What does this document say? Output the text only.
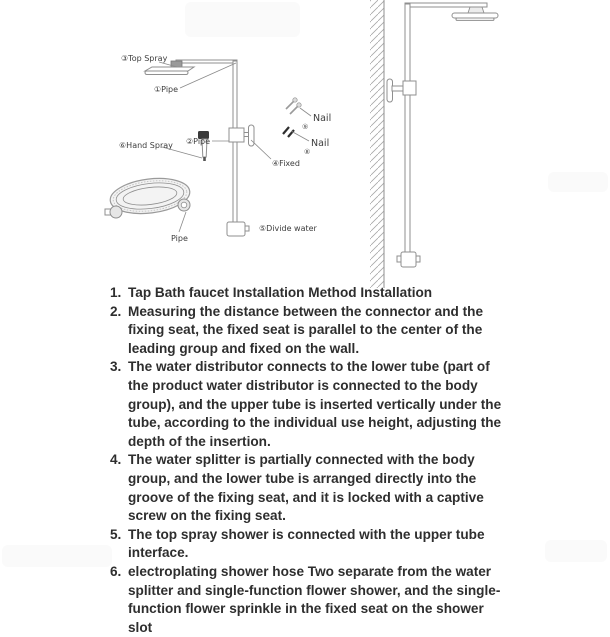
③Top Spray
①Pipe
⑥Hand Spray ②Pipe
④Fixed
⑤Divide water
Pipe
Nail
⑨
Nail
⑧
1. Tap Bath faucet Installation Method Installation
2. Measuring the distance between the connector and the fixing seat, the fixed seat is parallel to the center of the leading group and fixed on the wall.
3. The water distributor connects to the lower tube (part of the product water distributor is connected to the body group), and the upper tube is inserted vertically under the tube, according to the individual use height, adjusting the depth of the insertion.
4. The water splitter is partially connected with the body group, and the lower tube is arranged directly into the groove of the fixing seat, and it is locked with a captive screw on the fixing seat.
5. The top spray shower is connected with the upper tube interface.
6. electroplating shower hose Two separate from the water splitter and single-function flower shower, and the single-function flower sprinkle in the fixed seat on the shower slot
